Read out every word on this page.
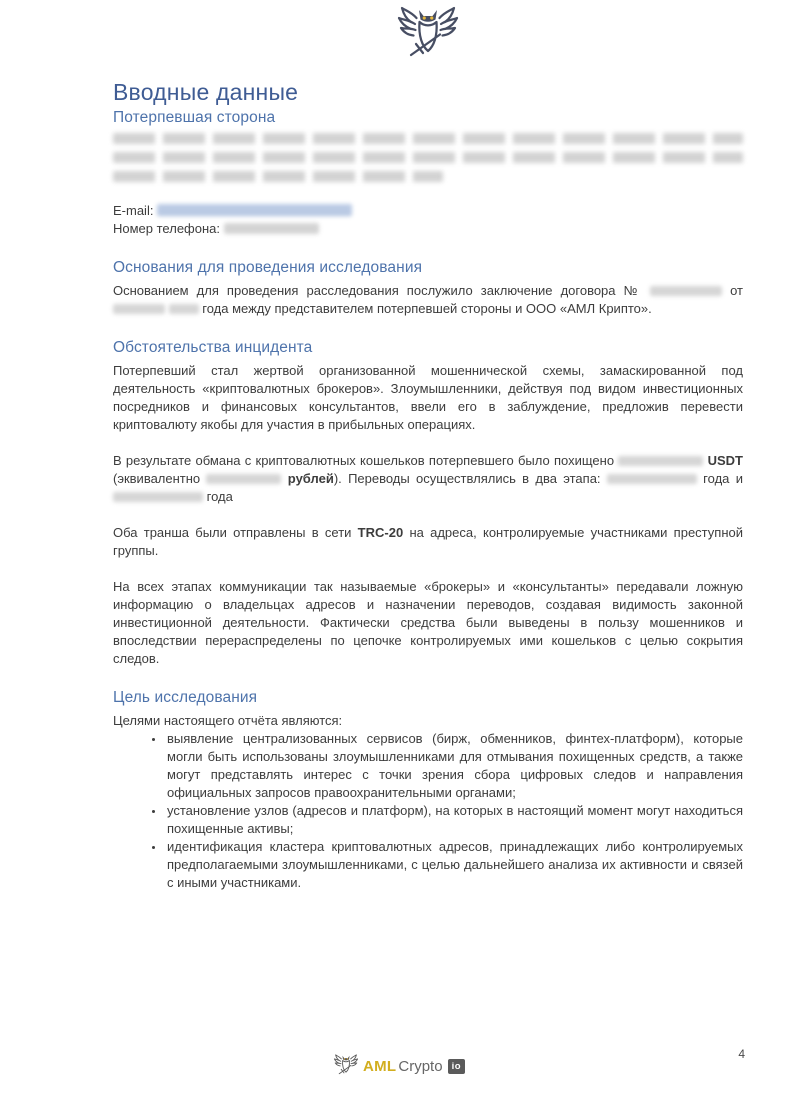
Вводные данные
Потерпевшая сторона
E-mail:
Номер телефона:
Основания для проведения исследования

Основанием для проведения расследования послужило заключение договора №	от   года между представителем потерпевшей стороны и ООО «АМЛ Крипто».

Обстоятельства инцидента

Потерпевший стал жертвой организованной мошеннической схемы, замаскированной под деятельность «криптовалютных брокеров». Злоумышленники, действуя под видом инвестиционных посредников и финансовых консультантов, ввели его в заблуждение, предложив перевести криптовалюту якобы для участия в прибыльных операциях.

В результате обмана с криптовалютных кошельков потерпевшего было похищено	USDT (эквивалентно	рублей). Переводы осуществлялись в два этапа:	года и  года

Оба транша были отправлены в сети TRC-20 на адреса, контролируемые участниками преступной группы.

На всех этапах коммуникации так называемые «брокеры» и «консультанты» передавали ложную информацию о владельцах адресов и назначении переводов, создавая видимость законной инвестиционной деятельности. Фактически средства были выведены в пользу мошенников и впоследствии перераспределены по цепочке контролируемых ими кошельков с целью сокрытия следов.

Цель исследования

Целями настоящего отчёта являются:

• выявление централизованных сервисов (бирж, обменников, финтех-платформ), которые могли быть использованы злоумышленниками для отмывания похищенных средств, а также могут представлять интерес с точки зрения сбора цифровых следов и направления официальных запросов правоохранительными органами;
• установление узлов (адресов и платформ), на которых в настоящий момент могут находиться похищенные активы;
• идентификация кластера криптовалютных адресов, принадлежащих либо контролируемых предполагаемыми злоумышленниками, с целью дальнейшего анализа их активности и связей с иными участниками.
AML Crypto io
4
